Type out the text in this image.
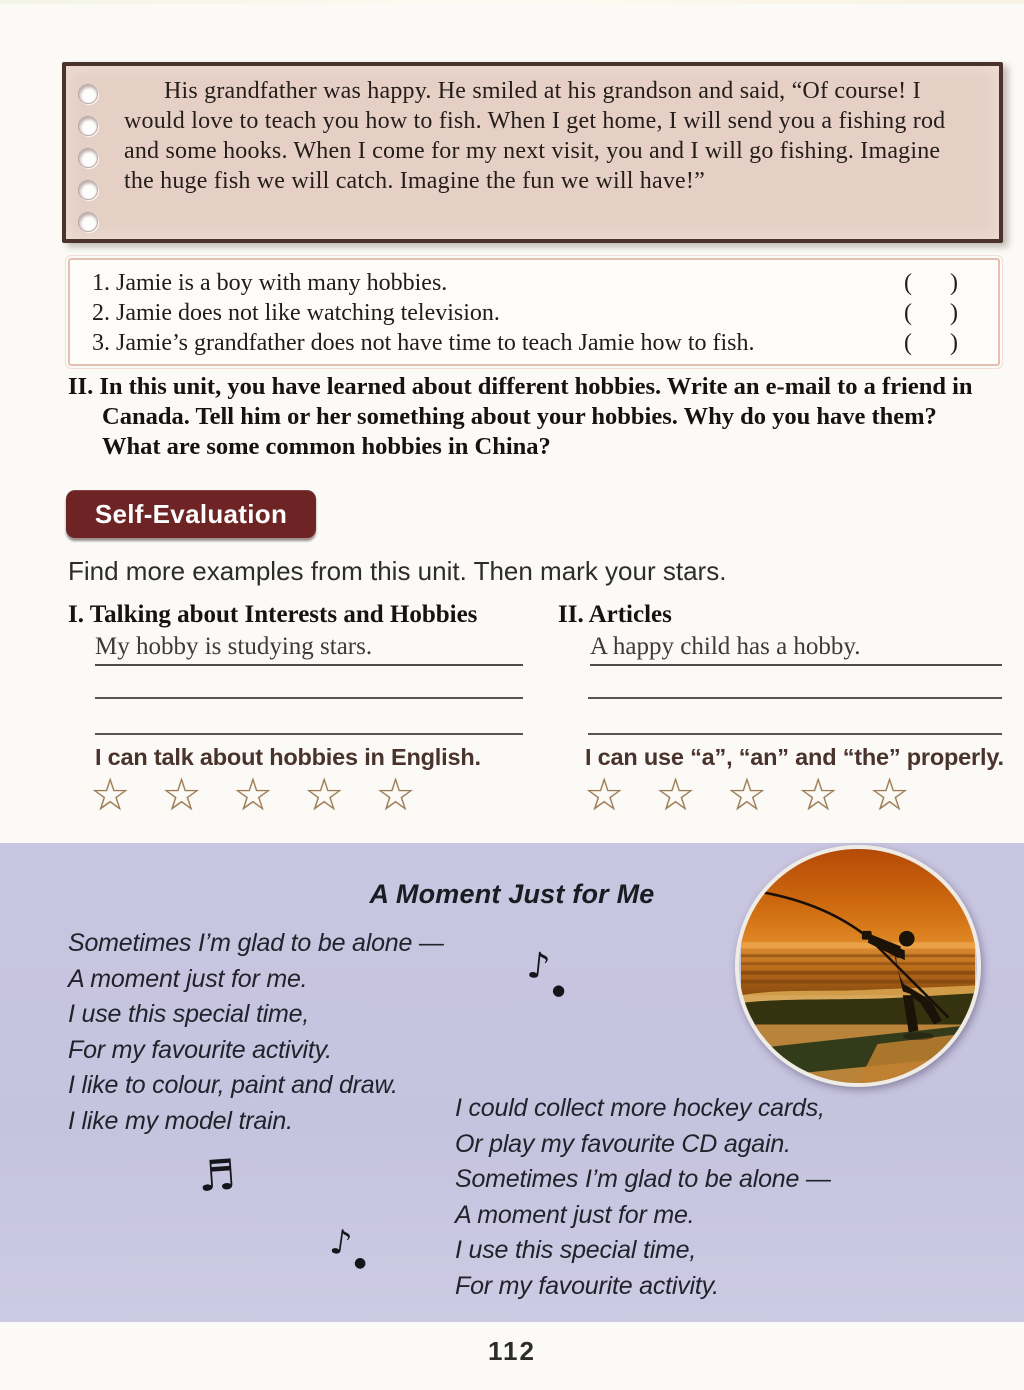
His grandfather was happy. He smiled at his grandson and said, “Of course! I would love to teach you how to fish. When I get home, I will send you a fishing rod and some hooks. When I come for my next visit, you and I will go fishing. Imagine the huge fish we will catch. Imagine the fun we will have!”

1. Jamie is a boy with many hobbies.	( )
2. Jamie does not like watching television.	( )
3. Jamie’s grandfather does not have time to teach Jamie how to fish.	( )

II. In this unit, you have learned about different hobbies. Write an e-mail to a friend in Canada. Tell him or her something about your hobbies. Why do you have them? What are some common hobbies in China?

Self-Evaluation

Find more examples from this unit. Then mark your stars.

I. Talking about Interests and Hobbies	II. Articles
My hobby is studying stars.	A happy child has a hobby.
I can talk about hobbies in English.	I can use “a”, “an” and “the” properly.
☆ ☆ ☆ ☆ ☆	☆ ☆ ☆ ☆ ☆
A Moment Just for Me
Sometimes I’m glad to be alone —
A moment just for me.
I use this special time,
For my favourite activity.
I like to colour, paint and draw.
I like my model train.	I could collect more hockey cards,
Or play my favourite CD again.
Sometimes I’m glad to be alone —
A moment just for me.
I use this special time,
For my favourite activity.
♪
●
♬
♪ ●
112
